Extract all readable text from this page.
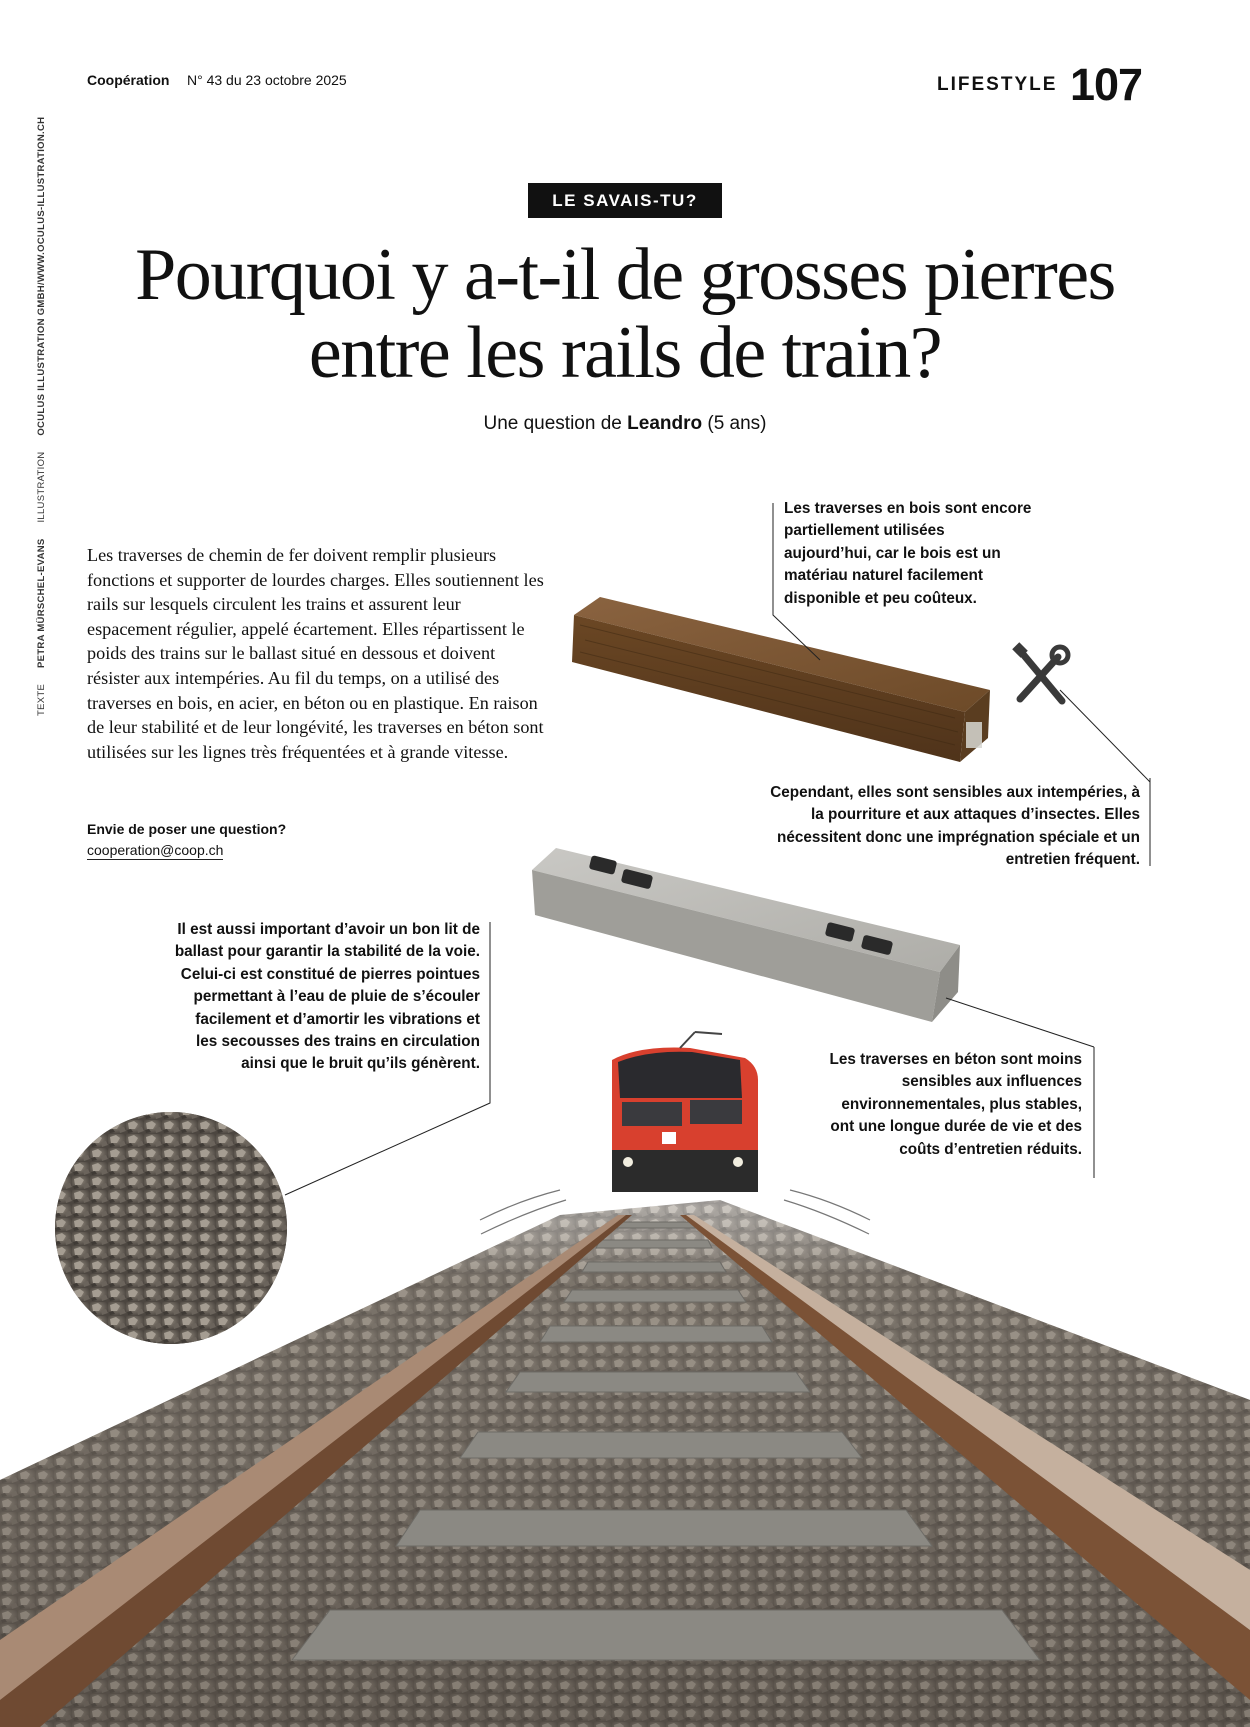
Coopération N° 43 du 23 octobre 2025	LIFESTYLE 107
TEXTE  PETRA MÜRSCHEL-EVANS  ILLUSTRATION  OCULUS ILLUSTRATION GMBH/WWW.OCULUS-ILLUSTRATION.CH	LE SAVAIS-TU?
Pourquoi y a-t-il de grosses pierres
entre les rails de train?
Une question de Leandro (5 ans)
Les traverses de chemin de fer doivent remplir plusieurs fonctions et supporter de lourdes charges. Elles soutiennent les rails sur lesquels circulent les trains et assurent leur espacement régulier, appelé écartement. Elles répartissent le poids des trains sur le ballast situé en dessous et doivent résister aux intempéries. Au fil du temps, on a utilisé des traverses en bois, en acier, en béton ou en plastique. En raison de leur stabilité et de leur longévité, les traverses en béton sont utilisées sur les lignes très fréquentées et à grande vitesse.
Envie de poser une question?
cooperation@coop.ch
Les traverses en bois sont encore partiellement utilisées aujourd’hui, car le bois est un matériau naturel facilement disponible et peu coûteux.
Cependant, elles sont sensibles aux intempéries, à la pourriture et aux attaques d’insectes. Elles nécessitent donc une imprégnation spéciale et un entretien fréquent.
Il est aussi important d’avoir un bon lit de ballast pour garantir la stabilité de la voie. Celui-ci est constitué de pierres pointues permettant à l’eau de pluie de s’écouler facilement et d’amortir les vibrations et les secousses des trains en circulation ainsi que le bruit qu’ils génèrent.	Les traverses en béton sont moins sensibles aux influences environnementales, plus stables, ont une longue durée de vie et des coûts d’entretien réduits.
